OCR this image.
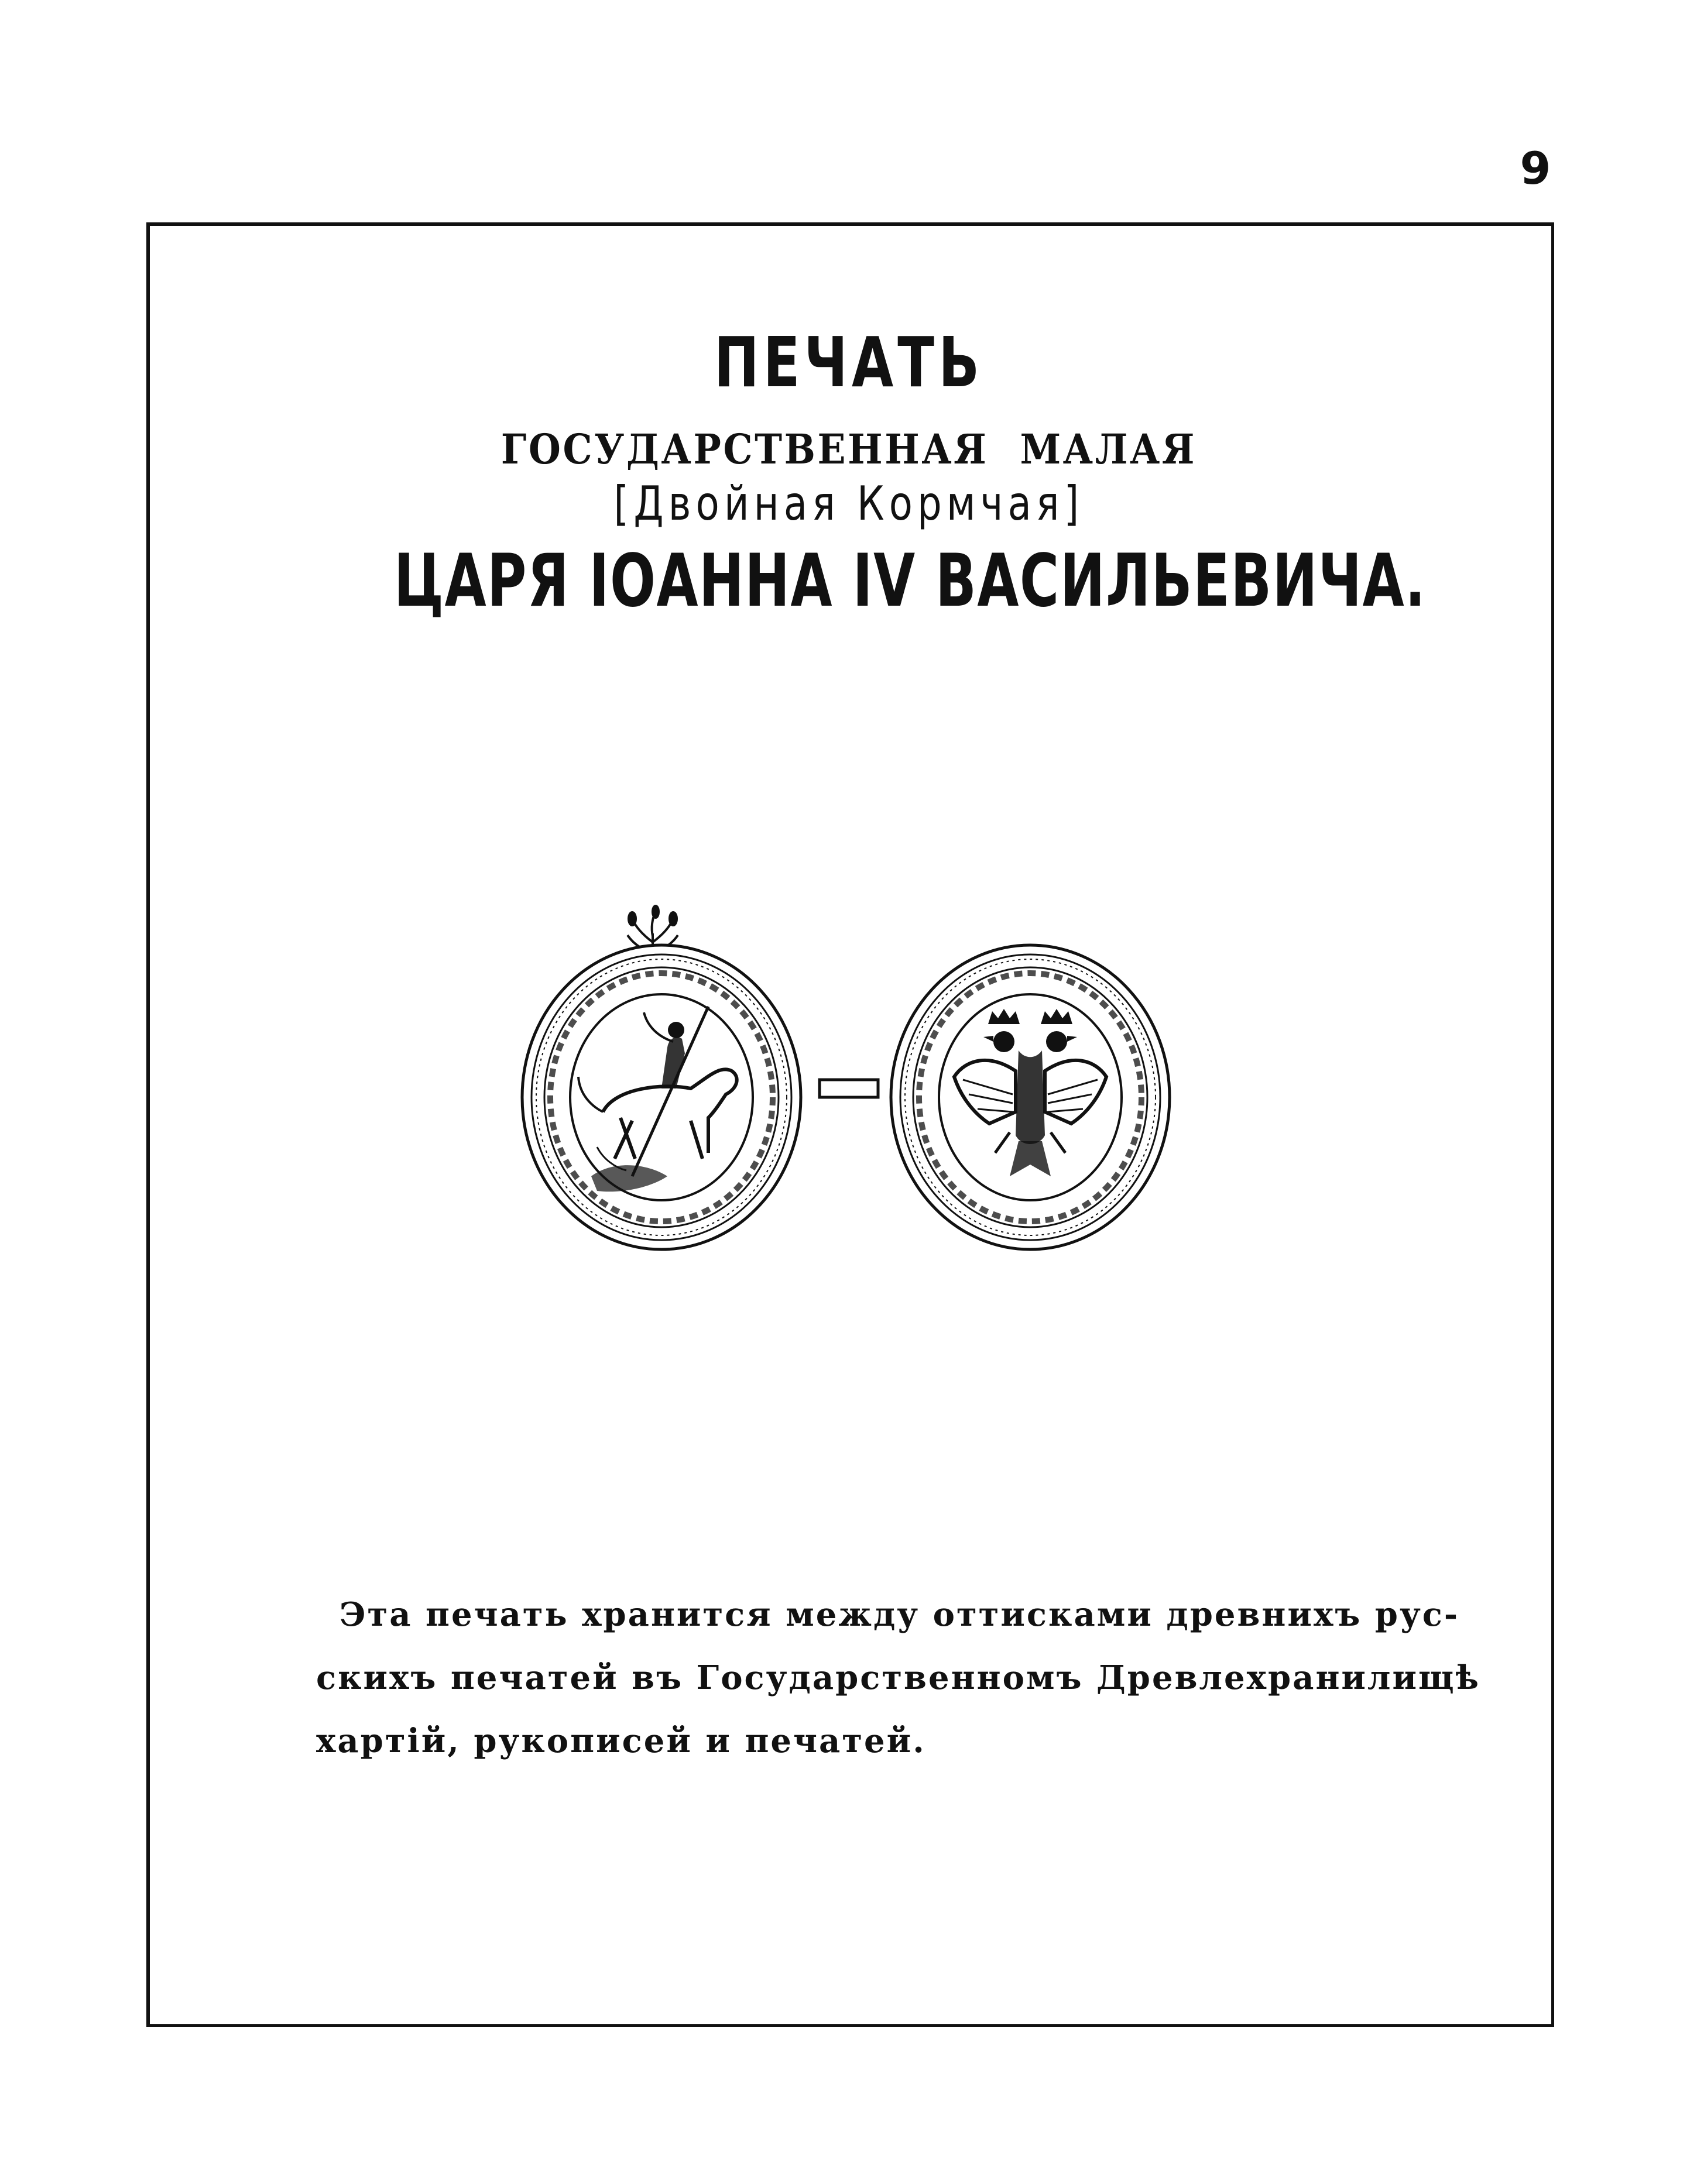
9
ПЕЧАТЬ
ГОСУДАРСТВЕННАЯ МАЛАЯ
[Двойная Кормчая]
ЦАРЯ ІОАННА IV ВАСИЛЬЕВИЧА.
Эта печать хранится между оттисками древнихъ рус-
скихъ печатей въ Государственномъ Древлехранилищѣ
хартій, рукописей и печатей.
